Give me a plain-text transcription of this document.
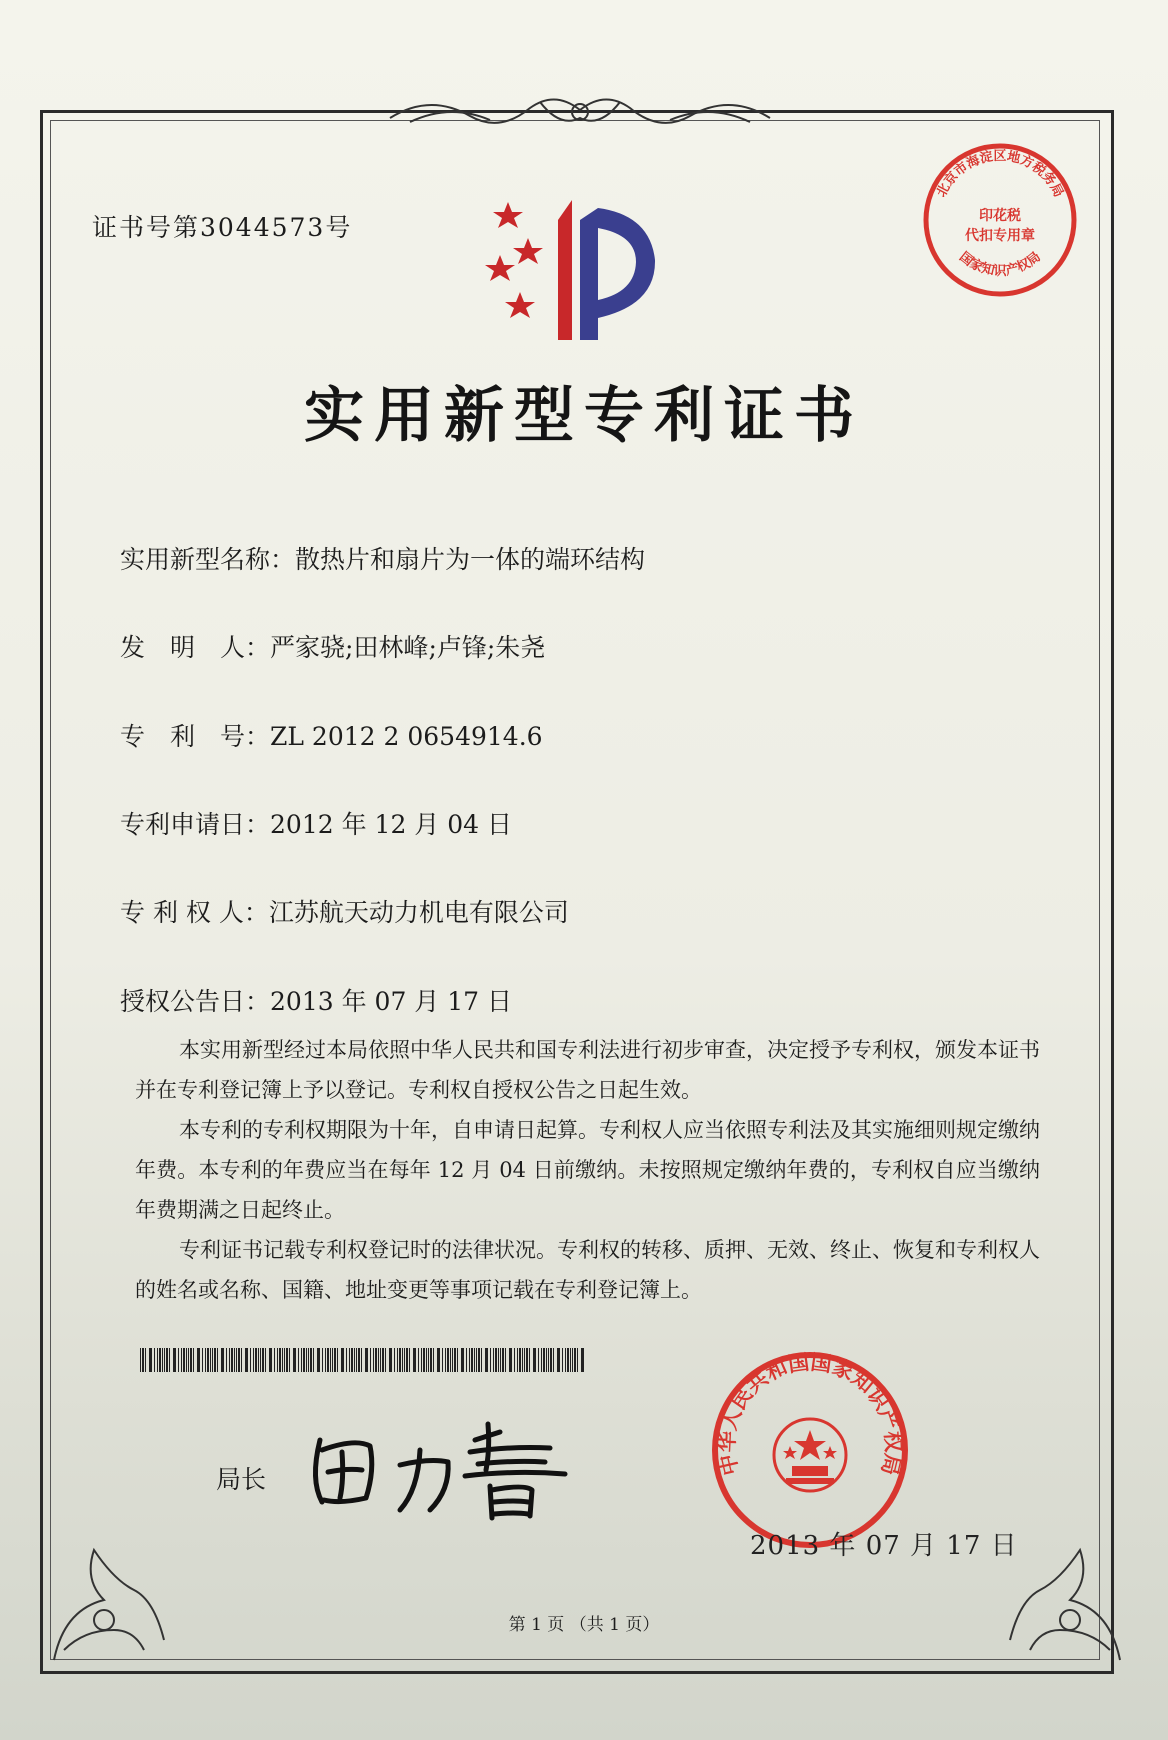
证书号第3044573号
实用新型专利证书
北京市海淀区地方税务局
国家知识产权局
印花税
代扣专用章
实用新型名称：散热片和扇片为一体的端环结构
发　明　人：严家骁;田林峰;卢锋;朱尧
专　利　号：ZL 2012 2 0654914.6
专利申请日：2012 年 12 月 04 日
专 利 权 人：江苏航天动力机电有限公司
授权公告日：2013 年 07 月 17 日

本实用新型经过本局依照中华人民共和国专利法进行初步审查，决定授予专利权，颁发本证书并在专利登记簿上予以登记。专利权自授权公告之日起生效。

本专利的专利权期限为十年，自申请日起算。专利权人应当依照专利法及其实施细则规定缴纳年费。本专利的年费应当在每年 12 月 04 日前缴纳。未按照规定缴纳年费的，专利权自应当缴纳年费期满之日起终止。

专利证书记载专利权登记时的法律状况。专利权的转移、质押、无效、终止、恢复和专利权人的姓名或名称、国籍、地址变更等事项记载在专利登记簿上。

局长
中华人民共和国国家知识产权局
2013 年 07 月 17 日
第 1 页 （共 1 页）
